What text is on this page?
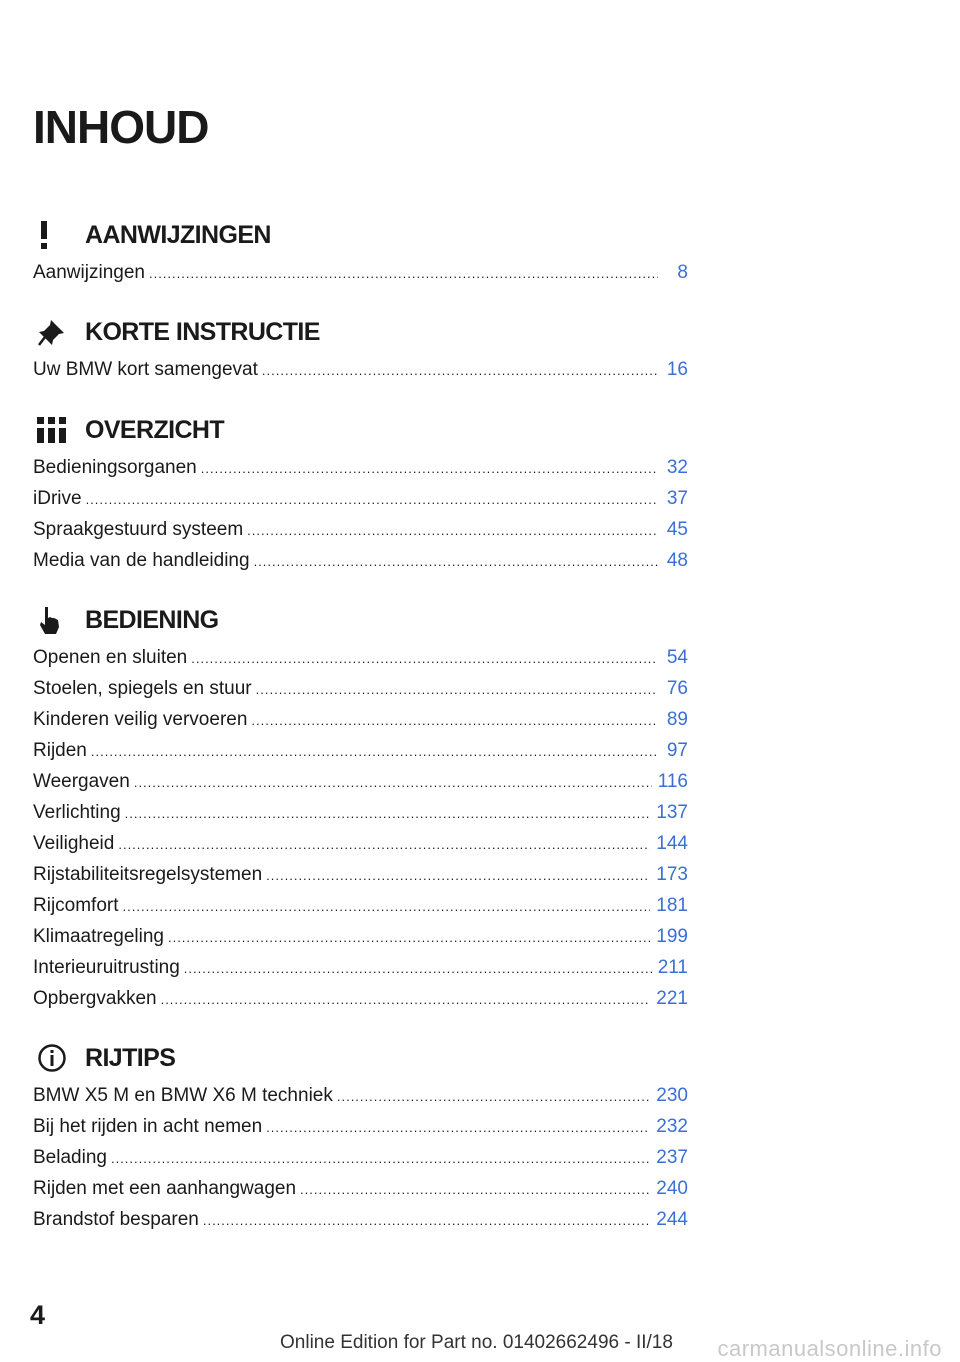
INHOUD
AANWIJZINGEN
Aanwijzingen .....	8
KORTE INSTRUCTIE
Uw BMW kort samengevat .....	16
OVERZICHT
Bedieningsorganen .....	32
iDrive .....	37
Spraakgestuurd systeem .....	45
Media van de handleiding .....	48
BEDIENING
Openen en sluiten .....	54
Stoelen, spiegels en stuur .....	76
Kinderen veilig vervoeren .....	89
Rijden .....	97
Weergaven .....	116
Verlichting .....	137
Veiligheid .....	144
Rijstabiliteitsregelsystemen .....	173
Rijcomfort .....	181
Klimaatregeling .....	199
Interieuruitrusting .....	211
Opbergvakken .....	221
RIJTIPS
BMW X5 M en BMW X6 M techniek .....	230
Bij het rijden in acht nemen .....	232
Belading .....	237
Rijden met een aanhangwagen .....	240
Brandstof besparen .....	244
4
Online Edition for Part no. 01402662496 - II/18 carmanualsonline.info
